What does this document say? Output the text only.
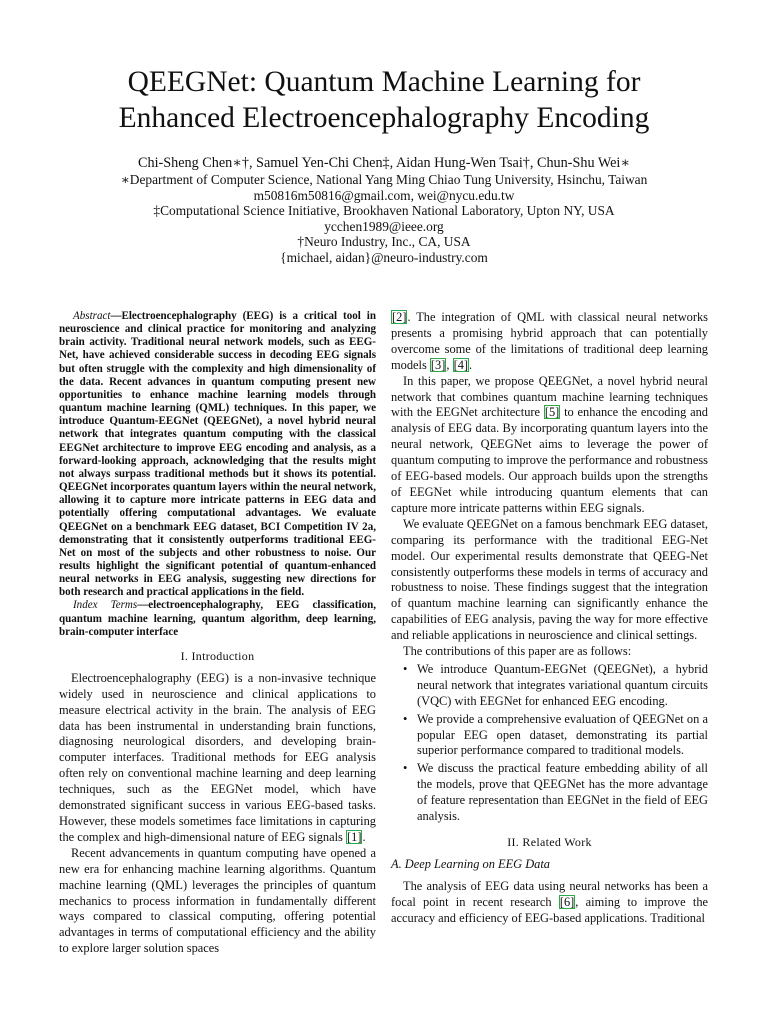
QEEGNet: Quantum Machine Learning for
Enhanced Electroencephalography Encoding
Chi-Sheng Chen∗†, Samuel Yen-Chi Chen‡, Aidan Hung-Wen Tsai†, Chun-Shu Wei∗
∗Department of Computer Science, National Yang Ming Chiao Tung University, Hsinchu, Taiwan
m50816m50816@gmail.com, wei@nycu.edu.tw
‡Computational Science Initiative, Brookhaven National Laboratory, Upton NY, USA
ycchen1989@ieee.org
†Neuro Industry, Inc., CA, USA
{michael, aidan}@neuro-industry.com

Abstract—Electroencephalography (EEG) is a critical tool in neuroscience and clinical practice for monitoring and analyzing brain activity. Traditional neural network models, such as EEG-Net, have achieved considerable success in decoding EEG signals but often struggle with the complexity and high dimensionality of the data. Recent advances in quantum computing present new opportunities to enhance machine learning models through quantum machine learning (QML) techniques. In this paper, we introduce Quantum-EEGNet (QEEGNet), a novel hybrid neural network that integrates quantum computing with the classical EEGNet architecture to improve EEG encoding and analysis, as a forward-looking approach, acknowledging that the results might not always surpass traditional methods but it shows its potential. QEEGNet incorporates quantum layers within the neural network, allowing it to capture more intricate patterns in EEG data and potentially offering computational advantages. We evaluate QEEGNet on a benchmark EEG dataset, BCI Competition IV 2a, demonstrating that it consistently outperforms traditional EEG-Net on most of the subjects and other robustness to noise. Our results highlight the significant potential of quantum-enhanced neural networks in EEG analysis, suggesting new directions for both research and practical applications in the field.

Index Terms—electroencephalography, EEG classification, quantum machine learning, quantum algorithm, deep learning, brain-computer interface

I. Introduction

Electroencephalography (EEG) is a non-invasive technique widely used in neuroscience and clinical applications to measure electrical activity in the brain. The analysis of EEG data has been instrumental in understanding brain functions, diagnosing neurological disorders, and developing brain-computer interfaces. Traditional methods for EEG analysis often rely on conventional machine learning and deep learning techniques, such as the EEGNet model, which have demonstrated significant success in various EEG-based tasks. However, these models sometimes face limitations in capturing the complex and high-dimensional nature of EEG signals [1].

Recent advancements in quantum computing have opened a new era for enhancing machine learning algorithms. Quantum machine learning (QML) leverages the principles of quantum mechanics to process information in fundamentally different ways compared to classical computing, offering potential advantages in terms of computational efficiency and the ability to explore larger solution spaces

[2]. The integration of QML with classical neural networks presents a promising hybrid approach that can potentially overcome some of the limitations of traditional deep learning models [3], [4].

In this paper, we propose QEEGNet, a novel hybrid neural network that combines quantum machine learning techniques with the EEGNet architecture [5] to enhance the encoding and analysis of EEG data. By incorporating quantum layers into the neural network, QEEGNet aims to leverage the power of quantum computing to improve the performance and robustness of EEG-based models. Our approach builds upon the strengths of EEGNet while introducing quantum elements that can capture more intricate patterns within EEG signals.

We evaluate QEEGNet on a famous benchmark EEG dataset, comparing its performance with the traditional EEG-Net model. Our experimental results demonstrate that QEEG-Net consistently outperforms these models in terms of accuracy and robustness to noise. These findings suggest that the integration of quantum machine learning can significantly enhance the capabilities of EEG analysis, paving the way for more effective and reliable applications in neuroscience and clinical settings.

The contributions of this paper are as follows:

• We introduce Quantum-EEGNet (QEEGNet), a hybrid neural network that integrates variational quantum circuits (VQC) with EEGNet for enhanced EEG encoding.
• We provide a comprehensive evaluation of QEEGNet on a popular EEG open dataset, demonstrating its partial superior performance compared to traditional models.
• We discuss the practical feature embedding ability of all the models, prove that QEEGNet has the more advantage of feature representation than EEGNet in the field of EEG analysis.
II. Related Work
A. Deep Learning on EEG Data

The analysis of EEG data using neural networks has been a focal point in recent research [6], aiming to improve the accuracy and efficiency of EEG-based applications. Traditional
